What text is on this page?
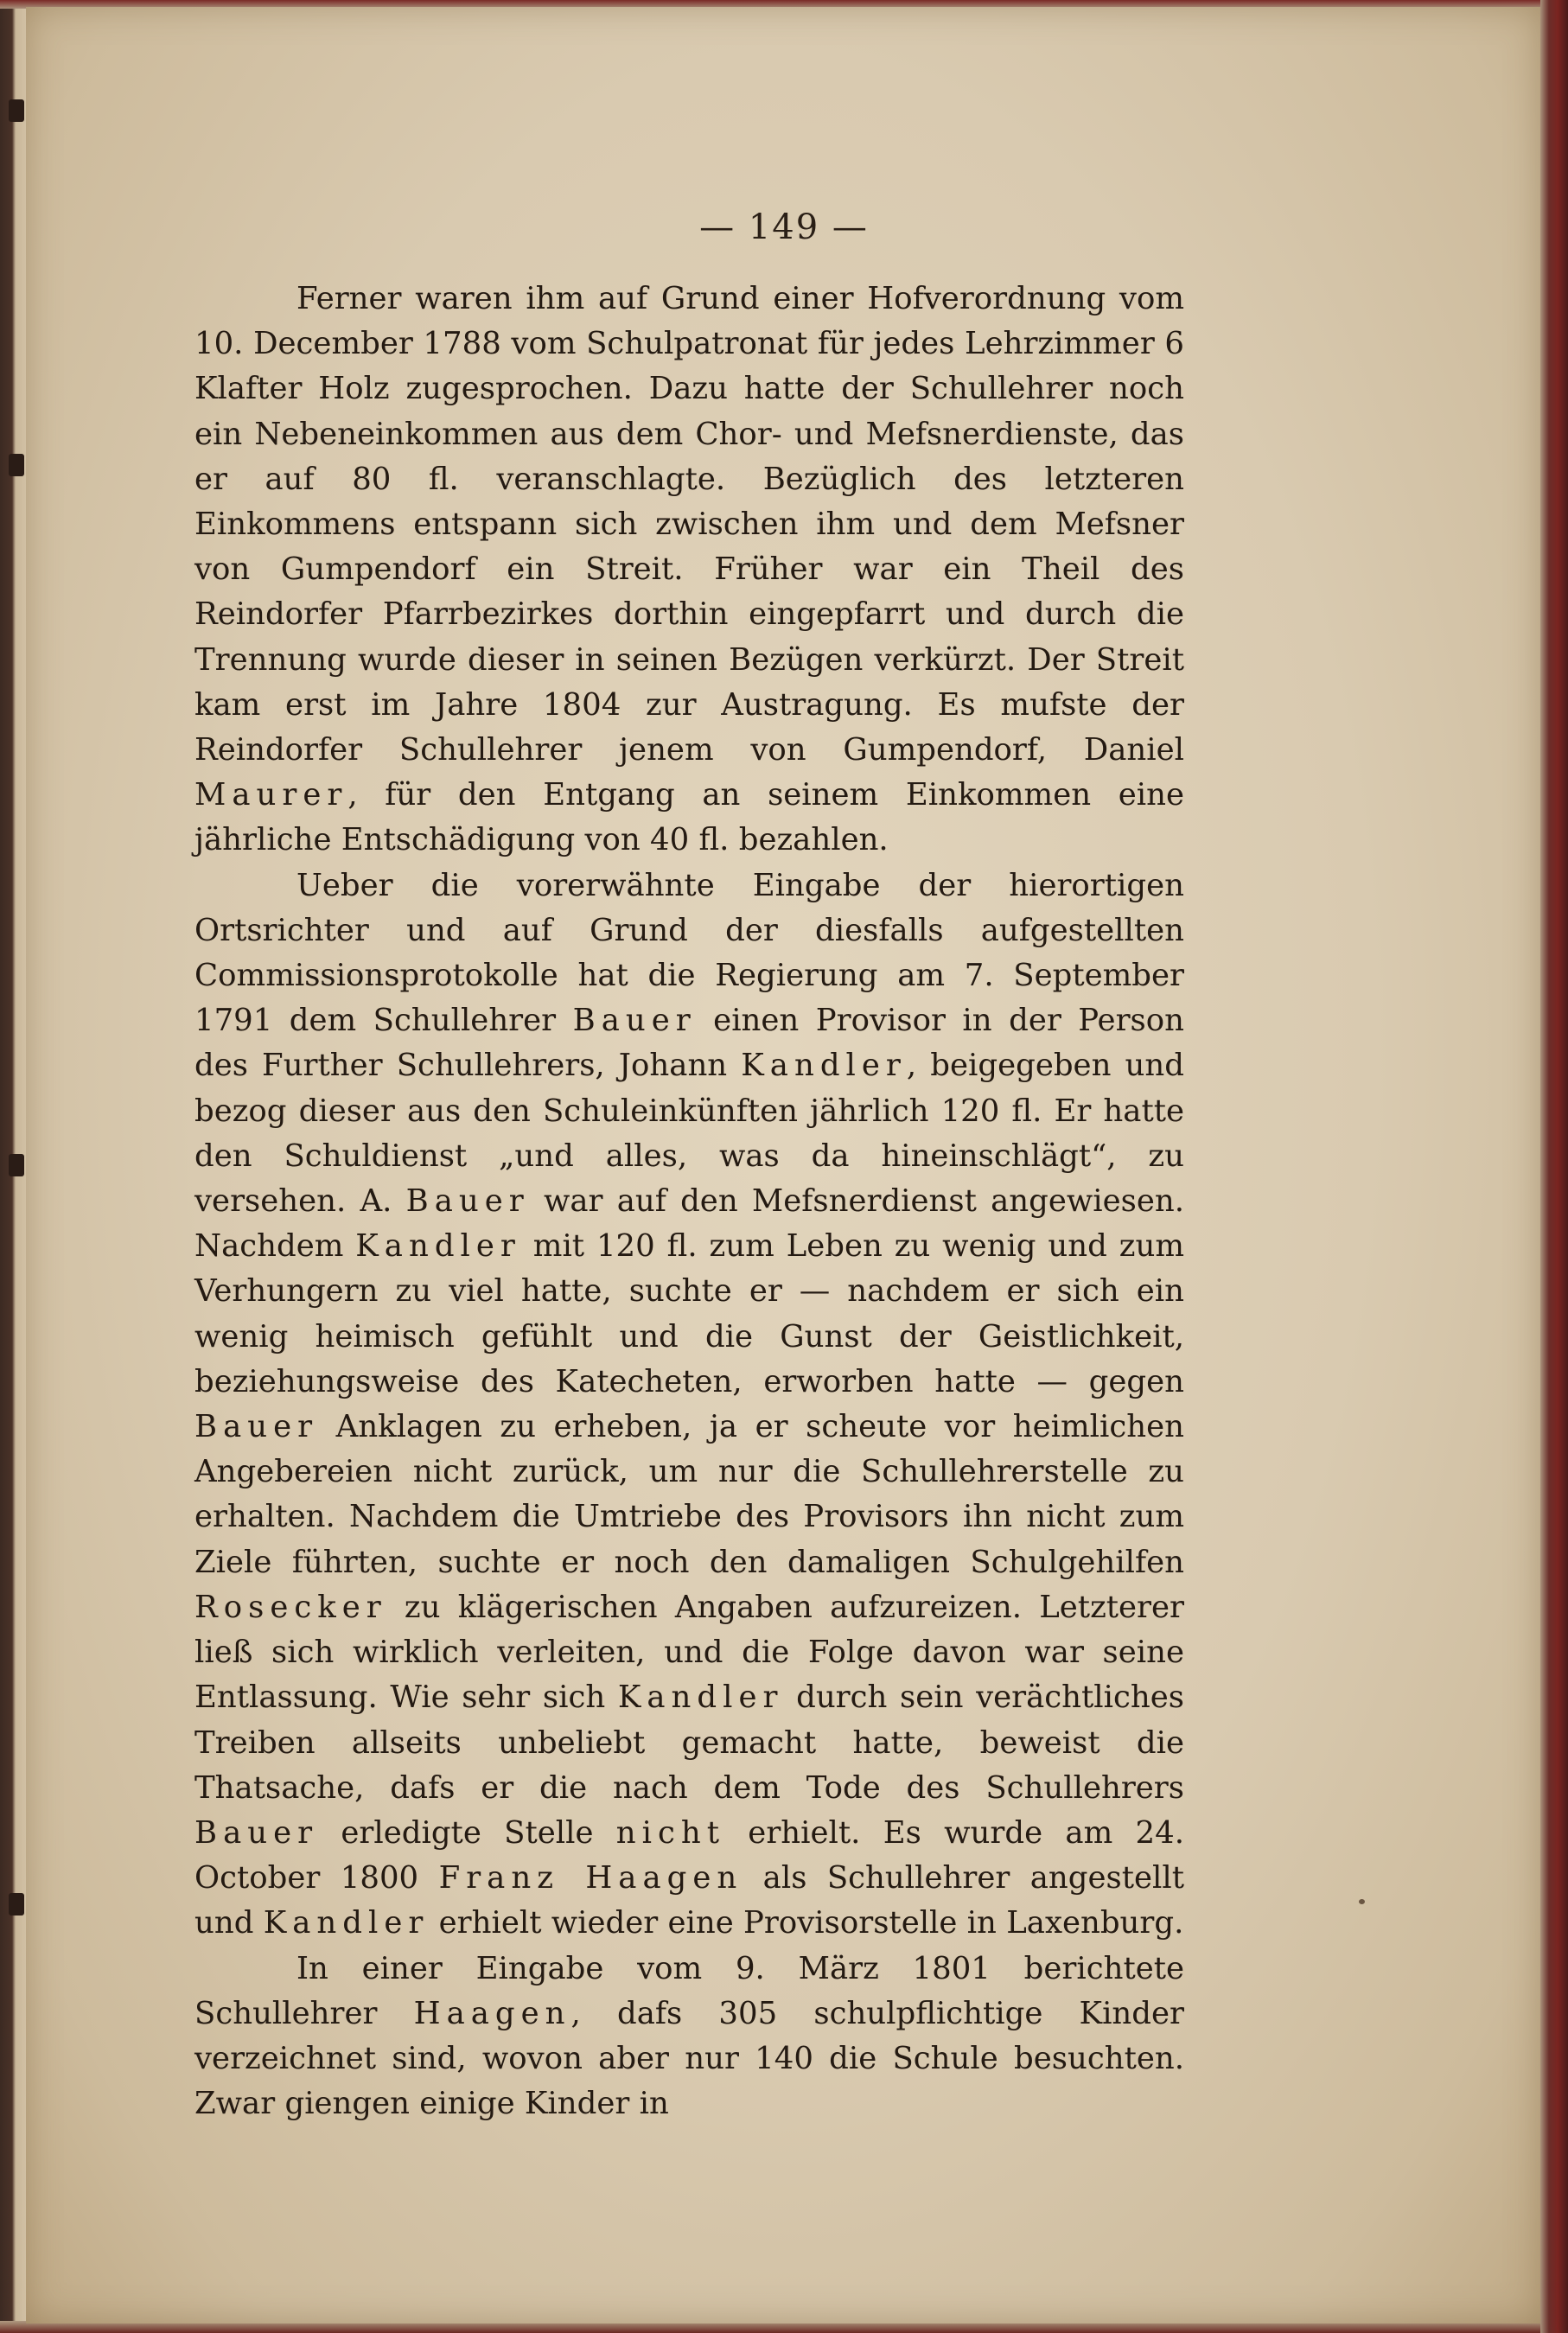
— 149 —

Ferner waren ihm auf Grund einer Hofverordnung vom 10. December 1788 vom Schulpatronat für jedes Lehrzimmer 6 Klafter Holz zugesprochen. Dazu hatte der Schullehrer noch ein Nebeneinkommen aus dem Chor- und Mefsnerdienste, das er auf 80 fl. veranschlagte. Bezüglich des letzteren Einkommens entspann sich zwischen ihm und dem Mefsner von Gumpendorf ein Streit. Früher war ein Theil des Reindorfer Pfarrbezirkes dorthin eingepfarrt und durch die Trennung wurde dieser in seinen Bezügen verkürzt. Der Streit kam erst im Jahre 1804 zur Austragung. Es mufste der Reindorfer Schullehrer jenem von Gumpendorf, Daniel Maurer, für den Entgang an seinem Einkommen eine jährliche Entschädigung von 40 fl. bezahlen.

Ueber die vorerwähnte Eingabe der hierortigen Ortsrichter und auf Grund der diesfalls aufgestellten Commissionsprotokolle hat die Regierung am 7. September 1791 dem Schullehrer Bauer einen Provisor in der Person des Further Schullehrers, Johann Kandler, beigegeben und bezog dieser aus den Schuleinkünften jährlich 120 fl. Er hatte den Schuldienst „und alles, was da hineinschlägt“, zu versehen. A. Bauer war auf den Mefsnerdienst angewiesen. Nachdem Kandler mit 120 fl. zum Leben zu wenig und zum Verhungern zu viel hatte, suchte er — nachdem er sich ein wenig heimisch gefühlt und die Gunst der Geistlichkeit, beziehungsweise des Katecheten, erworben hatte — gegen Bauer Anklagen zu erheben, ja er scheute vor heimlichen Angebereien nicht zurück, um nur die Schullehrerstelle zu erhalten. Nachdem die Umtriebe des Provisors ihn nicht zum Ziele führten, suchte er noch den damaligen Schulgehilfen Rosecker zu klägerischen Angaben aufzureizen. Letzterer ließ sich wirklich verleiten, und die Folge davon war seine Entlassung. Wie sehr sich Kandler durch sein verächtliches Treiben allseits unbeliebt gemacht hatte, beweist die Thatsache, dafs er die nach dem Tode des Schullehrers Bauer erledigte Stelle nicht erhielt. Es wurde am 24. October 1800 Franz Haagen als Schullehrer angestellt und Kandler erhielt wieder eine Provisorstelle in Laxenburg.

In einer Eingabe vom 9. März 1801 berichtete Schullehrer Haagen, dafs 305 schulpflichtige Kinder verzeichnet sind, wovon aber nur 140 die Schule besuchten. Zwar giengen einige Kinder in
